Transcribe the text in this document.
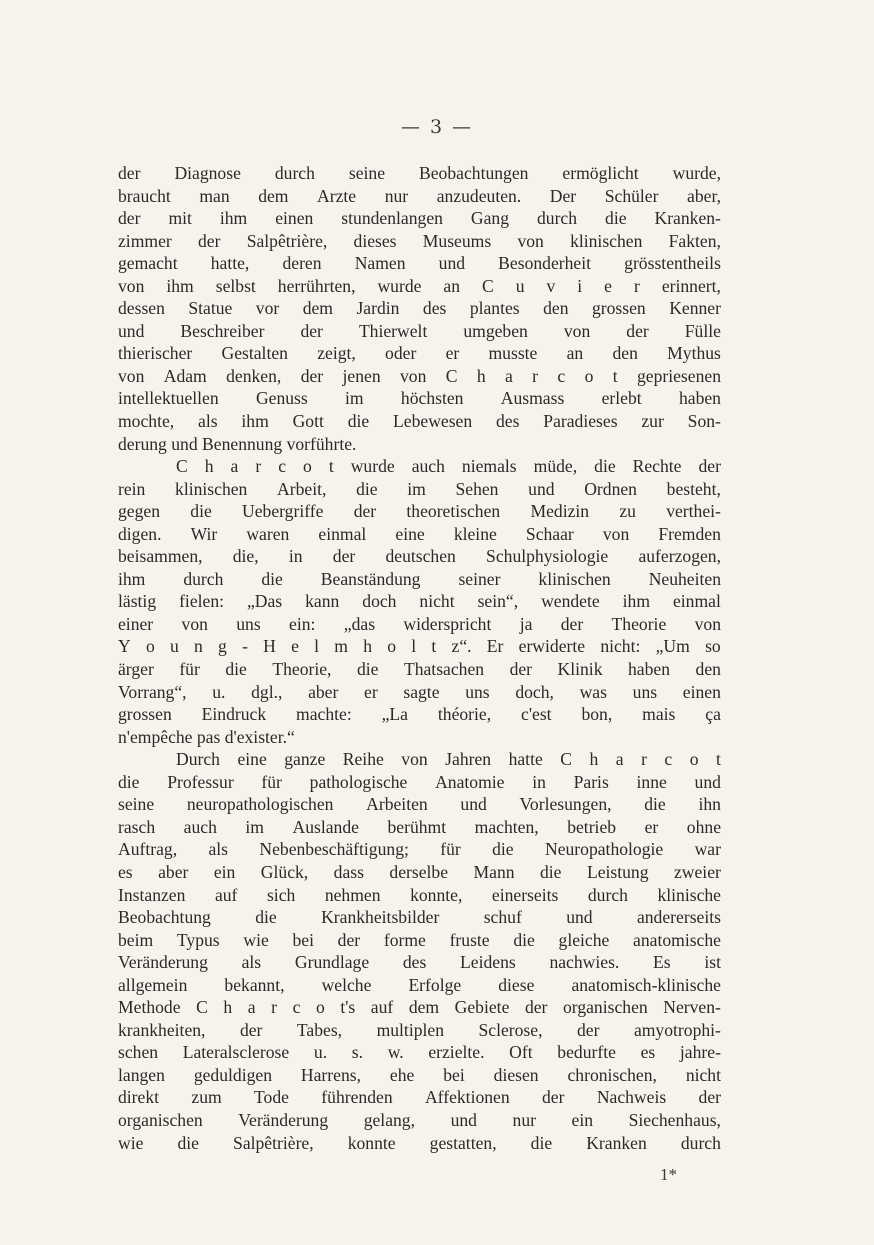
— 3 —
der Diagnose durch seine Beobachtungen ermöglicht wurde,
braucht man dem Arzte nur anzudeuten. Der Schüler aber,
der mit ihm einen stundenlangen Gang durch die Kranken-
zimmer der Salpêtrière, dieses Museums von klinischen Fakten,
gemacht hatte, deren Namen und Besonderheit grösstentheils
von ihm selbst herrührten, wurde an C u v i e r erinnert,
dessen Statue vor dem Jardin des plantes den grossen Kenner
und Beschreiber der Thierwelt umgeben von der Fülle
thierischer Gestalten zeigt, oder er musste an den Mythus
von Adam denken, der jenen von C h a r c o t gepriesenen
intellektuellen Genuss im höchsten Ausmass erlebt haben
mochte, als ihm Gott die Lebewesen des Paradieses zur Son-
derung und Benennung vorführte.
C h a r c o t wurde auch niemals müde, die Rechte der
rein klinischen Arbeit, die im Sehen und Ordnen besteht,
gegen die Uebergriffe der theoretischen Medizin zu verthei-
digen. Wir waren einmal eine kleine Schaar von Fremden
beisammen, die, in der deutschen Schulphysiologie auferzogen,
ihm durch die Beanständung seiner klinischen Neuheiten
lästig fielen: „Das kann doch nicht sein“, wendete ihm einmal
einer von uns ein: „das widerspricht ja der Theorie von
Y o u n g - H e l m h o l t z“. Er erwiderte nicht: „Um so
ärger für die Theorie, die Thatsachen der Klinik haben den
Vorrang“, u. dgl., aber er sagte uns doch, was uns einen
grossen Eindruck machte: „La théorie, c'est bon, mais ça
n'empêche pas d'exister.“
Durch eine ganze Reihe von Jahren hatte C h a r c o t
die Professur für pathologische Anatomie in Paris inne und
seine neuropathologischen Arbeiten und Vorlesungen, die ihn
rasch auch im Auslande berühmt machten, betrieb er ohne
Auftrag, als Nebenbeschäftigung; für die Neuropathologie war
es aber ein Glück, dass derselbe Mann die Leistung zweier
Instanzen auf sich nehmen konnte, einerseits durch klinische
Beobachtung	die	Krankheitsbilder	schuf	und	andererseits
beim Typus wie bei der forme fruste die gleiche anatomische
Veränderung als Grundlage des Leidens nachwies. Es ist
allgemein bekannt, welche Erfolge diese anatomisch-klinische
Methode C h a r c o t's auf dem Gebiete der organischen Nerven-
krankheiten, der Tabes, multiplen Sclerose, der amyotrophi-
schen Lateralsclerose u. s. w. erzielte. Oft bedurfte es jahre-
langen geduldigen Harrens, ehe bei diesen chronischen, nicht
direkt zum Tode führenden Affektionen der Nachweis der
organischen Veränderung gelang, und nur ein Siechenhaus,
wie die Salpêtrière, konnte gestatten, die Kranken durch
1*
